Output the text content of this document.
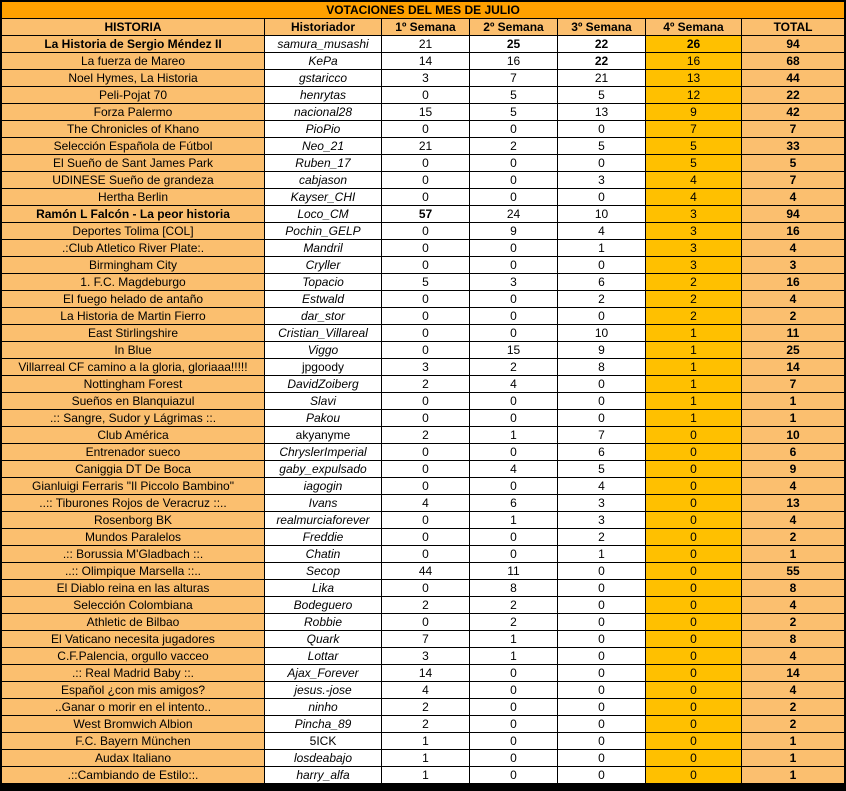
VOTACIONES DEL MES DE JULIO						
HISTORIA	Historiador	1º Semana	2º Semana	3º Semana	4º Semana	TOTAL
La Historia de Sergio Méndez II	samura_musashi	21	25	22	26	94
La fuerza de Mareo	KePa	14	16	22	16	68
Noel Hymes, La Historia	gstaricco	3	7	21	13	44
Peli-Pojat 70	henrytas	0	5	5	12	22
Forza Palermo	nacional28	15	5	13	9	42
The Chronicles of Khano	PioPio	0	0	0	7	7
Selección Española de Fútbol	Neo_21	21	2	5	5	33
El Sueño de Sant James Park	Ruben_17	0	0	0	5	5
UDINESE Sueño de grandeza	cabjason	0	0	3	4	7
Hertha Berlin	Kayser_CHI	0	0	0	4	4
Ramón L Falcón - La peor historia	Loco_CM	57	24	10	3	94
Deportes Tolima [COL]	Pochin_GELP	0	9	4	3	16
.:Club Atletico River Plate:.	Mandril	0	0	1	3	4
Birmingham City	Cryller	0	0	0	3	3
1. F.C. Magdeburgo	Topacio	5	3	6	2	16
El fuego helado de antaño	Estwald	0	0	2	2	4
La Historia de Martin Fierro	dar_stor	0	0	0	2	2
East Stirlingshire	Cristian_Villareal	0	0	10	1	11
In Blue	Viggo	0	15	9	1	25
Villarreal CF camino a la gloria, gloriaaa!!!!!	jpgoody	3	2	8	1	14
Nottingham Forest	DavidZoiberg	2	4	0	1	7
Sueños en Blanquiazul	Slavi	0	0	0	1	1
.:: Sangre, Sudor y Lágrimas ::.	Pakou	0	0	0	1	1
Club América	akyanyme	2	1	7	0	10
Entrenador sueco	ChryslerImperial	0	0	6	0	6
Caniggia DT De Boca	gaby_expulsado	0	4	5	0	9
Gianluigi Ferraris "Il Piccolo Bambino"	iagogin	0	0	4	0	4
..:: Tiburones Rojos de Veracruz ::..	Ivans	4	6	3	0	13
Rosenborg BK	realmurciaforever	0	1	3	0	4
Mundos Paralelos	Freddie	0	0	2	0	2
.:: Borussia M'Gladbach ::.	Chatin	0	0	1	0	1
..:: Olimpique Marsella ::..	Secop	44	11	0	0	55
El Diablo reina en las alturas	Lika	0	8	0	0	8
Selección Colombiana	Bodeguero	2	2	0	0	4
Athletic de Bilbao	Robbie	0	2	0	0	2
El Vaticano necesita jugadores	Quark	7	1	0	0	8
C.F.Palencia, orgullo vacceo	Lottar	3	1	0	0	4
.:: Real Madrid Baby ::.	Ajax_Forever	14	0	0	0	14
Español ¿con mis amigos?	jesus.-jose	4	0	0	0	4
..Ganar o morir en el intento..	ninho	2	0	0	0	2
West Bromwich Albion	Pincha_89	2	0	0	0	2
F.C. Bayern München	5ICK	1	0	0	0	1
Audax Italiano	losdeabajo	1	0	0	0	1
.::Cambiando de Estilo::.	harry_alfa	1	0	0	0	1
